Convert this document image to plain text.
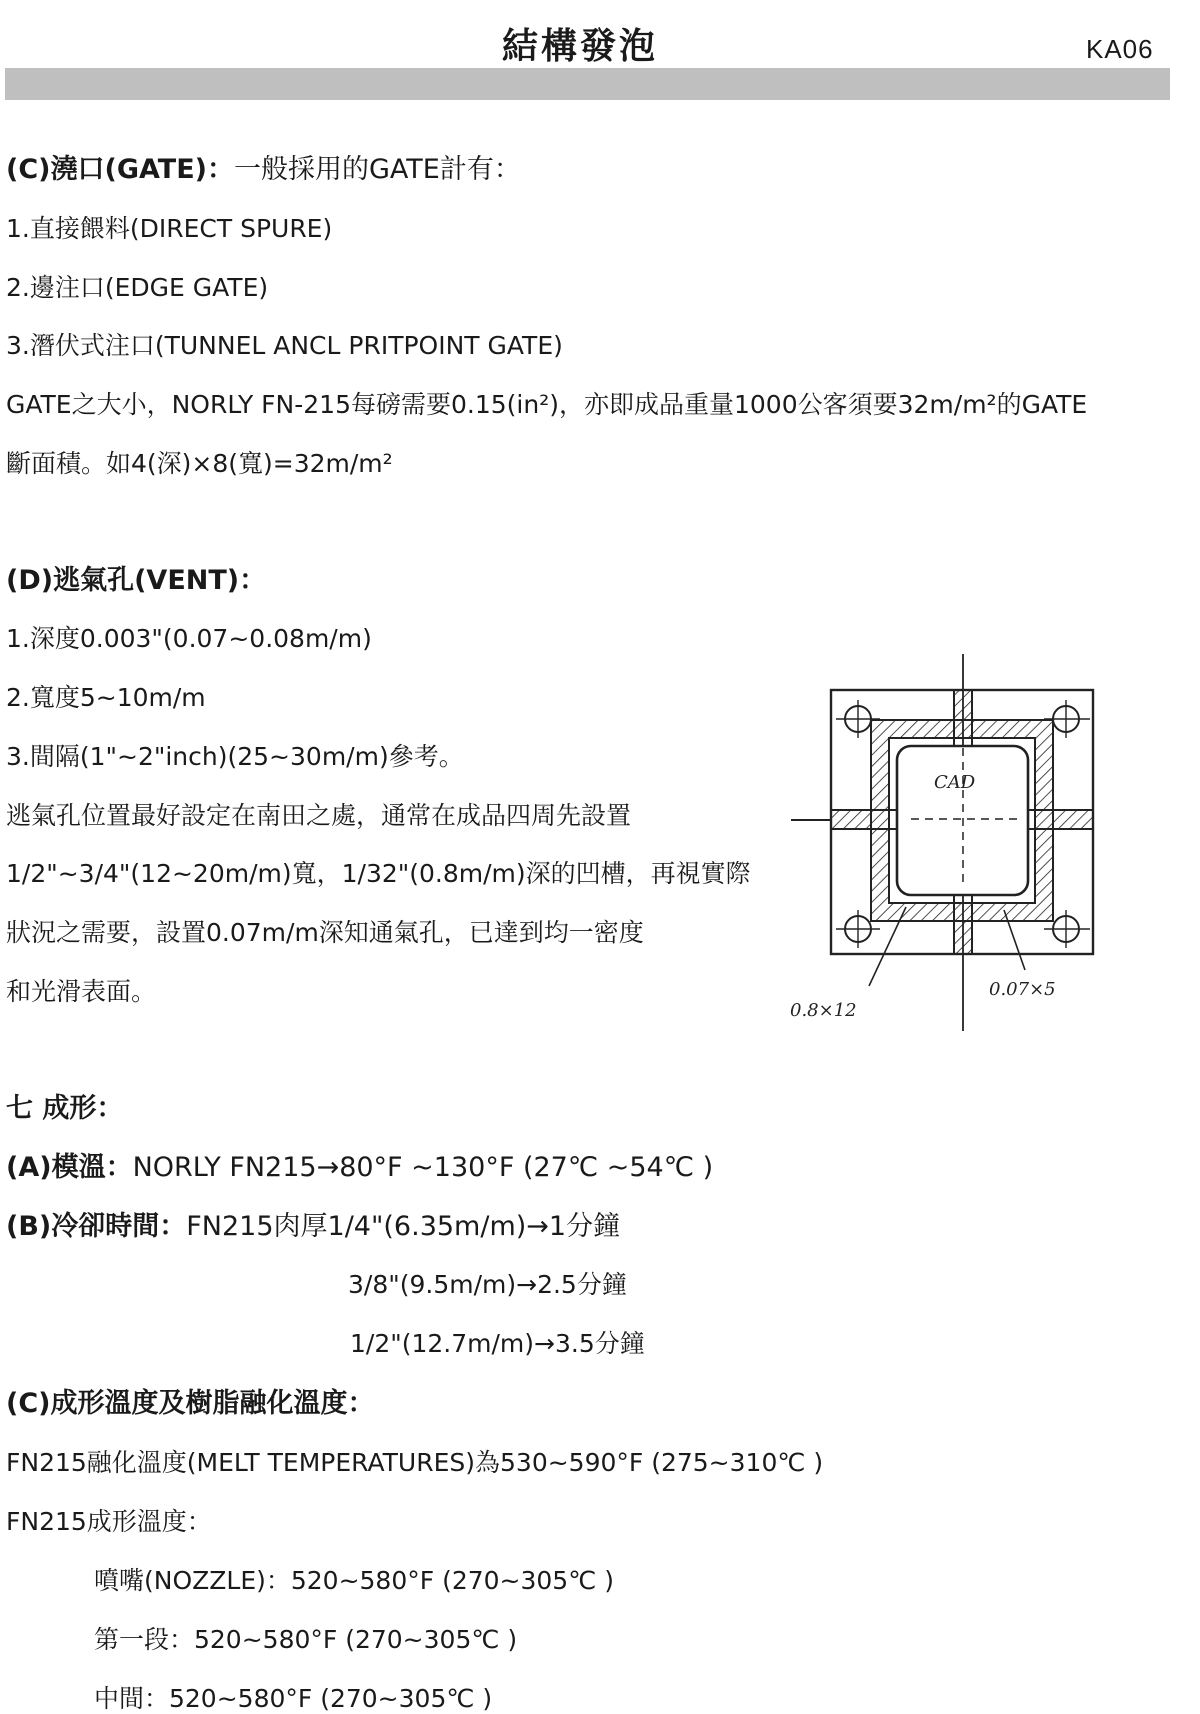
結構發泡	KA06
(C)澆口(GATE)：一般採用的GATE計有：
1.直接餵料(DIRECT SPURE)
2.邊注口(EDGE GATE)
3.潛伏式注口(TUNNEL ANCL PRITPOINT GATE)
GATE之大小，NORLY FN-215每磅需要0.15(in²)，亦即成品重量1000公客須要32m/m²的GATE
斷面積。如4(深)×8(寬)=32m/m²
(D)逃氣孔(VENT)：
1.深度0.003"(0.07~0.08m/m)
2.寬度5~10m/m
3.間隔(1"~2"inch)(25~30m/m)參考。
逃氣孔位置最好設定在南田之處，通常在成品四周先設置
1/2"~3/4"(12~20m/m)寬，1/32"(0.8m/m)深的凹槽，再視實際
狀況之需要，設置0.07m/m深知通氣孔，已達到均一密度
和光滑表面。
CAD
0.8×12
0.07×5
七 成形：
(A)模溫：NORLY FN215→80°F ~130°F (27℃ ~54℃ )
(B)冷卻時間：FN215肉厚1/4"(6.35m/m)→1分鐘
3/8"(9.5m/m)→2.5分鐘
1/2"(12.7m/m)→3.5分鐘
(C)成形溫度及樹脂融化溫度：
FN215融化溫度(MELT TEMPERATURES)為530~590°F (275~310℃ )
FN215成形溫度：
噴嘴(NOZZLE)：520~580°F (270~305℃ )
第一段：520~580°F (270~305℃ )
中間：520~580°F (270~305℃ )
